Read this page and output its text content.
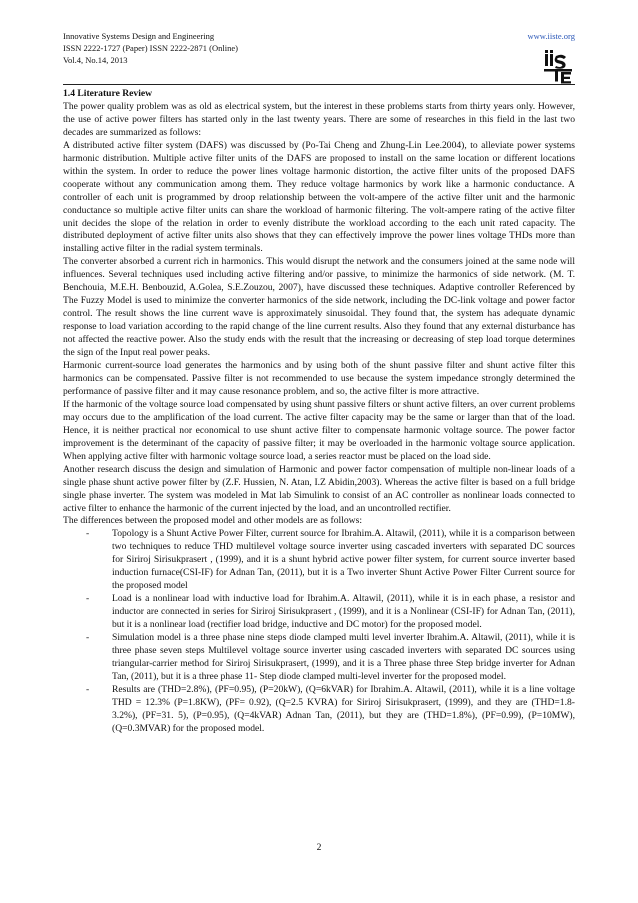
Innovative Systems Design and Engineering
ISSN 2222-1727 (Paper) ISSN 2222-2871 (Online)
Vol.4, No.14, 2013
www.iiste.org
1.4 Literature Review

The power quality problem was as old as electrical system, but the interest in these problems starts from thirty years only. However, the use of active power filters has started only in the last twenty years. There are some of researches in this field in the last two decades are summarized as follows:

A distributed active filter system (DAFS) was discussed by (Po-Tai Cheng and Zhung-Lin Lee.2004), to alleviate power systems harmonic distribution. Multiple active filter units of the DAFS are proposed to install on the same location or different locations within the system. In order to reduce the power lines voltage harmonic distortion, the active filter units of the proposed DAFS cooperate without any communication among them. They reduce voltage harmonics by work like a harmonic conductance. A controller of each unit is programmed by droop relationship between the volt-ampere of the active filter unit and the harmonic conductance so multiple active filter units can share the workload of harmonic filtering. The volt-ampere rating of the active filter unit decides the slope of the relation in order to evenly distribute the workload according to the each unit rated capacity. The distributed deployment of active filter units also shows that they can effectively improve the power lines voltage THDs more than installing active filter in the radial system terminals.

The converter absorbed a current rich in harmonics. This would disrupt the network and the consumers joined at the same node will influences. Several techniques used including active filtering and/or passive, to minimize the harmonics of side network. (M. T. Benchouia, M.E.H. Benbouzid, A.Golea, S.E.Zouzou, 2007), have discussed these techniques. Adaptive controller Referenced by The Fuzzy Model is used to minimize the converter harmonics of the side network, including the DC-link voltage and power factor control. The result shows the line current wave is approximately sinusoidal. They found that, the system has adequate dynamic response to load variation according to the rapid change of the line current results. Also they found that any external disturbance has not affected the reactive power. Also the study ends with the result that the increasing or decreasing of step load torque determines the sign of the Input real power peaks.

Harmonic current-source load generates the harmonics and by using both of the shunt passive filter and shunt active filter this harmonics can be compensated. Passive filter is not recommended to use because the system impedance strongly determined the performance of passive filter and it may cause resonance problem, and so, the active filter is more attractive.

If the harmonic of the voltage source load compensated by using shunt passive filters or shunt active filters, an over current problems may occurs due to the amplification of the load current. The active filter capacity may be the same or larger than that of the load. Hence, it is neither practical nor economical to use shunt active filter to compensate harmonic voltage source. The power factor improvement is the determinant of the capacity of passive filter; it may be overloaded in the harmonic voltage source application. When applying active filter with harmonic voltage source load, a series reactor must be placed on the load side.

Another research discuss the design and simulation of Harmonic and power factor compensation of multiple non-linear loads of a single phase shunt active power filter by (Z.F. Hussien, N. Atan, I.Z Abidin,2003). Whereas the active filter is based on a full bridge single phase inverter. The system was modeled in Mat lab Simulink to consist of an AC controller as nonlinear loads connected to active filter to enhance the harmonic of the current injected by the load, and an uncontrolled rectifier.

The differences between the proposed model and other models are as follows:

-	Topology is a Shunt Active Power Filter, current source for Ibrahim.A. Altawil, (2011), while it is a comparison between two techniques to reduce THD multilevel voltage source inverter using cascaded inverters with separated DC sources for Siriroj Sirisukprasert , (1999), and it is a shunt hybrid active power filter system, for current source inverter based induction furnace(CSI-IF) for Adnan Tan, (2011), but it is a Two inverter Shunt Active Power Filter Current source for the proposed model
-	Load is a nonlinear load with inductive load for Ibrahim.A. Altawil, (2011), while it is in each phase, a resistor and inductor are connected in series for Siriroj Sirisukprasert , (1999), and it is a Nonlinear (CSI-IF) for Adnan Tan, (2011), but it is a nonlinear load (rectifier load bridge, inductive and DC motor) for the proposed model.
-	Simulation model is a three phase nine steps diode clamped multi level inverter Ibrahim.A. Altawil, (2011), while it is three phase seven steps Multilevel voltage source inverter using cascaded inverters with separated DC sources using triangular-carrier method for Siriroj Sirisukprasert, (1999), and it is a Three phase three Step bridge inverter for Adnan Tan, (2011), but it is a three phase 11- Step diode clamped multi-level inverter for the proposed model.
-	Results are (THD=2.8%), (PF=0.95), (P=20kW), (Q=6kVAR) for Ibrahim.A. Altawil, (2011), while it is a line voltage THD = 12.3% (P=1.8KW), (PF= 0.92), (Q=2.5 KVRA) for Siriroj Sirisukprasert, (1999), and they are (THD=1.8- 3.2%), (PF=31. 5), (P=0.95), (Q=4kVAR) Adnan Tan, (2011), but they are (THD=1.8%), (PF=0.99), (P=10MW), (Q=0.3MVAR) for the proposed model.
2
